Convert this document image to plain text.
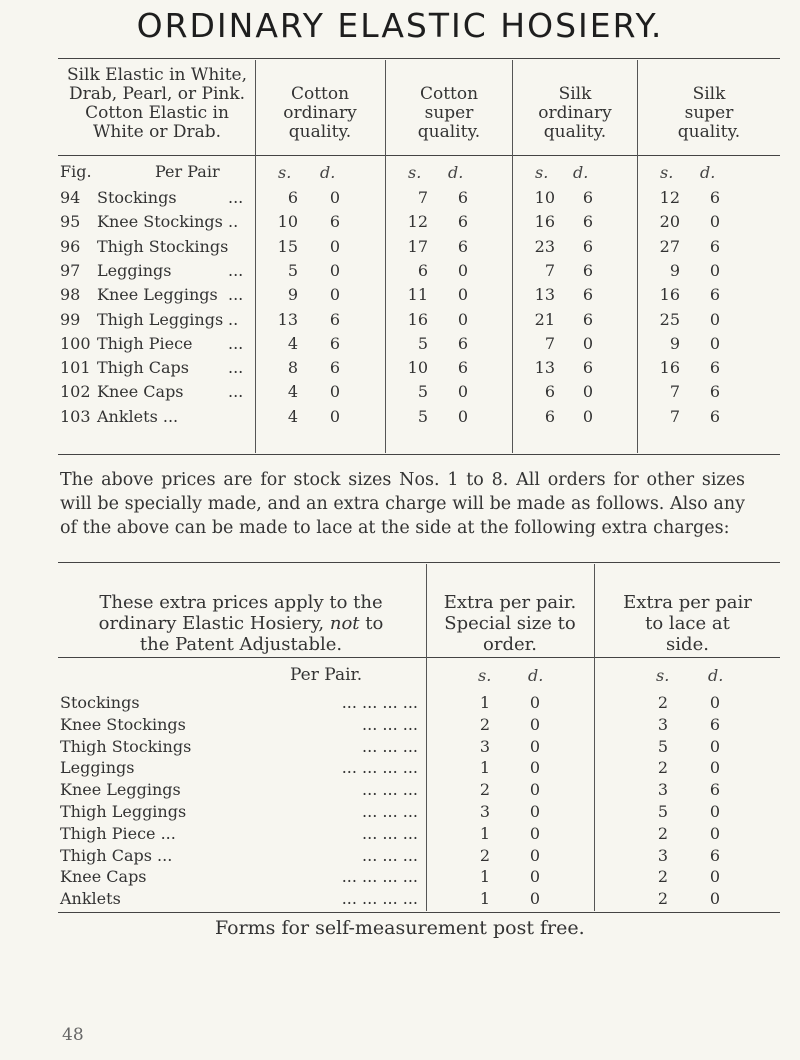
ORDINARY ELASTIC HOSIERY.
Silk Elastic in White,
Drab, Pearl, or Pink.
Cotton Elastic in
White or Drab.
Cotton
ordinary
quality.
Cotton
super
quality.
Silk
ordinary
quality.
Silk
super
quality.
Fig.	Per Pair	s. d.	s. d.	s. d.	s. d.
94	Stockings	...	6	0	7	6	10	6	12	6
95	Knee Stockings ..	10	6	12	6	16	6	20	0
96	Thigh Stockings	15	0	17	6	23	6	27	6
97	Leggings	...	5	0	6	0	7	6	9	0
98	Knee Leggings ...	9	0	11	0	13	6	16	6
99	Thigh Leggings ..	13	6	16	0	21	6	25	0
100 Thigh Piece ...	4	6	5	6	7	0	9	0
101 Thigh Caps ...	8	6	10	6	13	6	16	6
102 Knee Caps	...	4	0	5	0	6	0	7	6
103 Anklets ...	4	0	5	0	6	0	7	6
The above prices are for stock sizes Nos. 1 to 8. All orders for other sizes will be specially made, and an extra charge will be made as follows. Also any of the above can be made to lace at the side at the following extra charges:
These extra prices apply to the
ordinary Elastic Hosiery, not to
the Patent Adjustable.
Extra per pair.
Special size to
order.
Extra per pair
to lace at
side.
Per Pair.	s. d.	s. d.
Stockings	... ... ... ...	1	0	2	0
Knee Stockings	... ... ...	2	0	3	6
Thigh Stockings	... ... ...	3	0	5	0
Leggings	... ... ... ...	1	0	2	0
Knee Leggings	... ... ...	2	0	3	6
Thigh Leggings	... ... ...	3	0	5	0
Thigh Piece ...	... ... ...	1	0	2	0
Thigh Caps ...	... ... ...	2	0	3	6
Knee Caps	... ... ... ...	1	0	2	0
Anklets	... ... ... ...	1	0	2	0
Forms for self-measurement post free.
48
